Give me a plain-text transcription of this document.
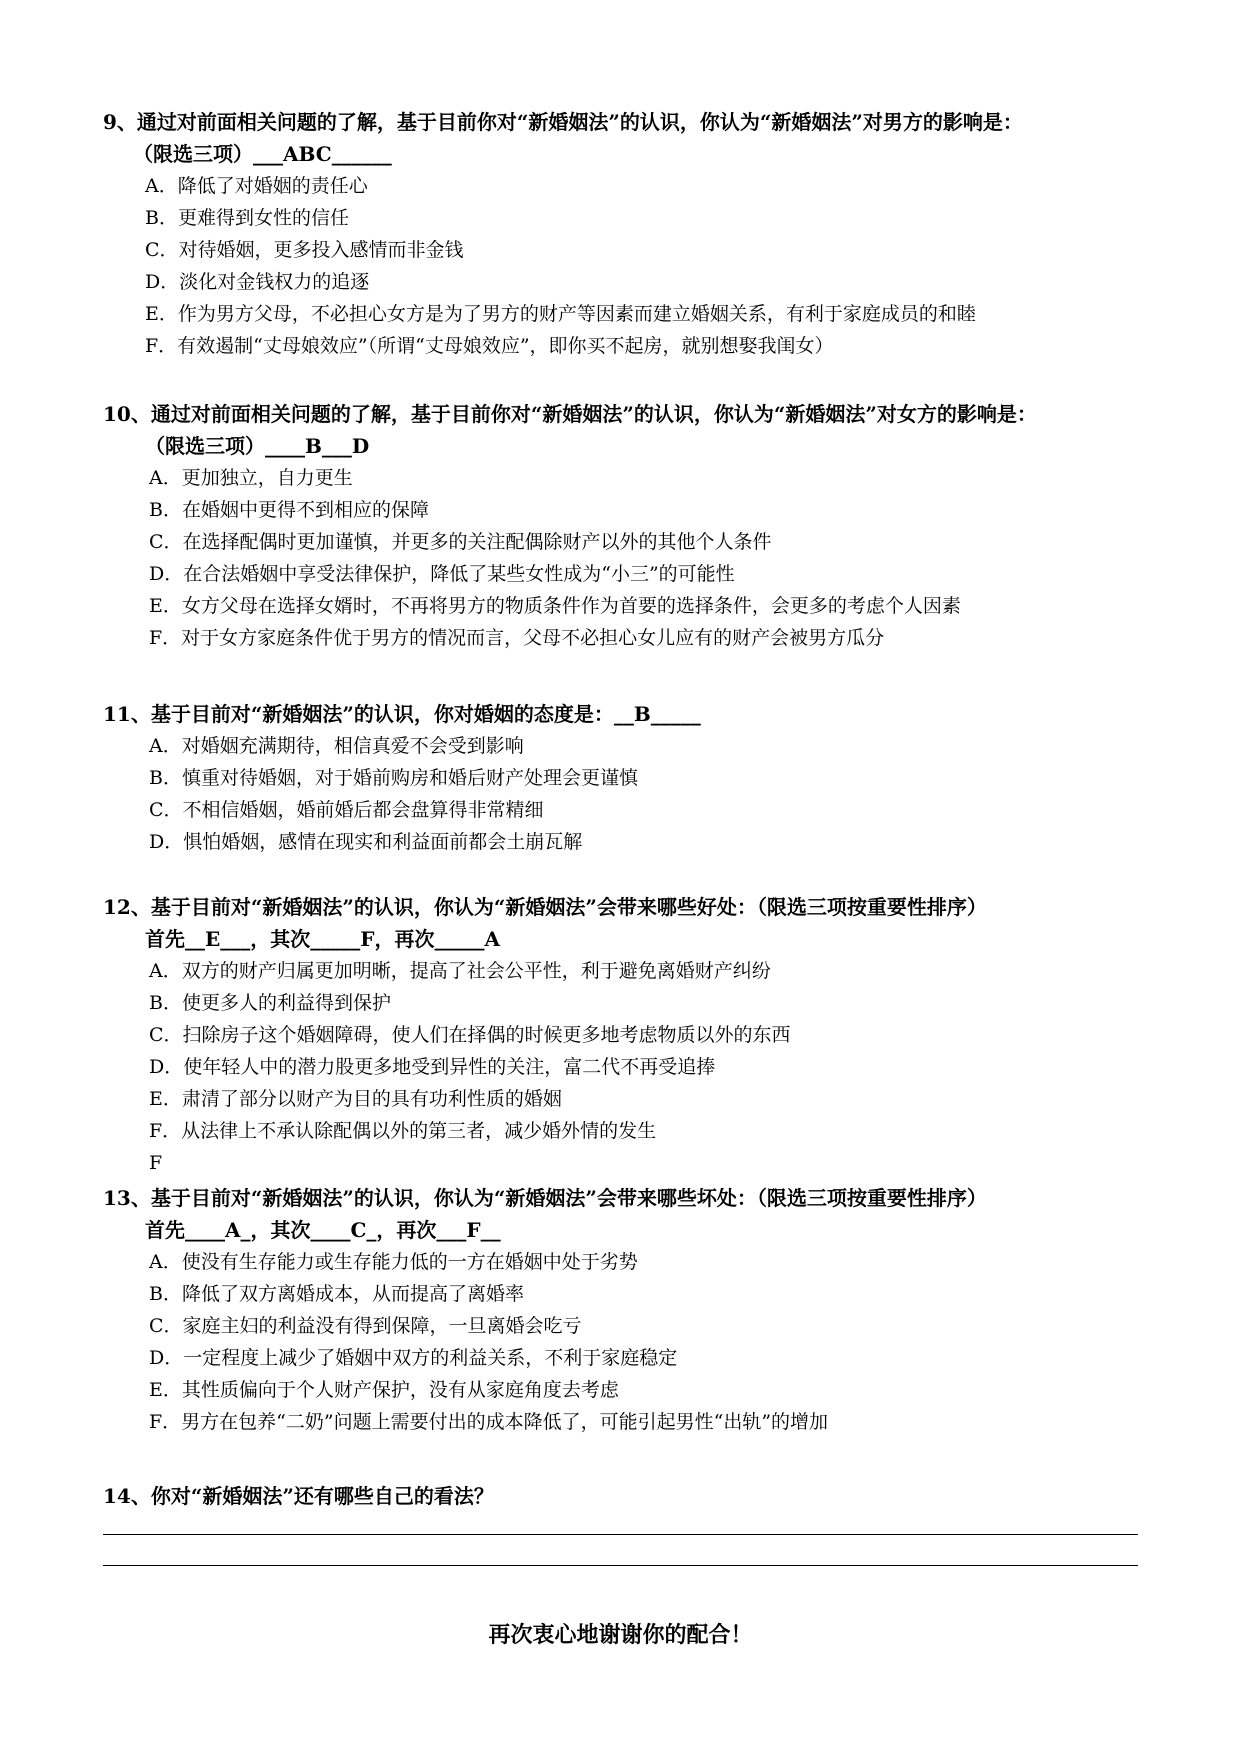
9、通过对前面相关问题的了解，基于目前你对“新婚姻法”的认识，你认为“新婚姻法”对男方的影响是：
（限选三项）___ABC______
A．降低了对婚姻的责任心
B．更难得到女性的信任
C．对待婚姻，更多投入感情而非金钱
D．淡化对金钱权力的追逐
E．作为男方父母，不必担心女方是为了男方的财产等因素而建立婚姻关系，有利于家庭成员的和睦
F．有效遏制“丈母娘效应”（所谓“丈母娘效应”，即你买不起房，就别想娶我闺女）
10、通过对前面相关问题的了解，基于目前你对“新婚姻法”的认识，你认为“新婚姻法”对女方的影响是：
（限选三项）____B___D
A．更加独立，自力更生
B．在婚姻中更得不到相应的保障
C．在选择配偶时更加谨慎，并更多的关注配偶除财产以外的其他个人条件
D．在合法婚姻中享受法律保护，降低了某些女性成为“小三”的可能性
E．女方父母在选择女婿时，不再将男方的物质条件作为首要的选择条件，会更多的考虑个人因素
F．对于女方家庭条件优于男方的情况而言，父母不必担心女儿应有的财产会被男方瓜分
11、基于目前对“新婚姻法”的认识，你对婚姻的态度是：__B_____
A．对婚姻充满期待，相信真爱不会受到影响
B．慎重对待婚姻，对于婚前购房和婚后财产处理会更谨慎
C．不相信婚姻，婚前婚后都会盘算得非常精细
D．惧怕婚姻，感情在现实和利益面前都会土崩瓦解
12、基于目前对“新婚姻法”的认识，你认为“新婚姻法”会带来哪些好处：（限选三项按重要性排序）
首先__E___，其次_____F，再次_____A
A．双方的财产归属更加明晰，提高了社会公平性，利于避免离婚财产纠纷
B．使更多人的利益得到保护
C．扫除房子这个婚姻障碍，使人们在择偶的时候更多地考虑物质以外的东西
D．使年轻人中的潜力股更多地受到异性的关注，富二代不再受追捧
E．肃清了部分以财产为目的具有功利性质的婚姻
F．从法律上不承认除配偶以外的第三者，减少婚外情的发生
F
13、基于目前对“新婚姻法”的认识，你认为“新婚姻法”会带来哪些坏处：（限选三项按重要性排序）
首先____A_，其次____C_，再次___F__
A．使没有生存能力或生存能力低的一方在婚姻中处于劣势
B．降低了双方离婚成本，从而提高了离婚率
C．家庭主妇的利益没有得到保障，一旦离婚会吃亏
D．一定程度上减少了婚姻中双方的利益关系，不利于家庭稳定
E．其性质偏向于个人财产保护，没有从家庭角度去考虑
F．男方在包养“二奶”问题上需要付出的成本降低了，可能引起男性“出轨”的增加
14、你对“新婚姻法”还有哪些自己的看法？
再次衷心地谢谢你的配合！
